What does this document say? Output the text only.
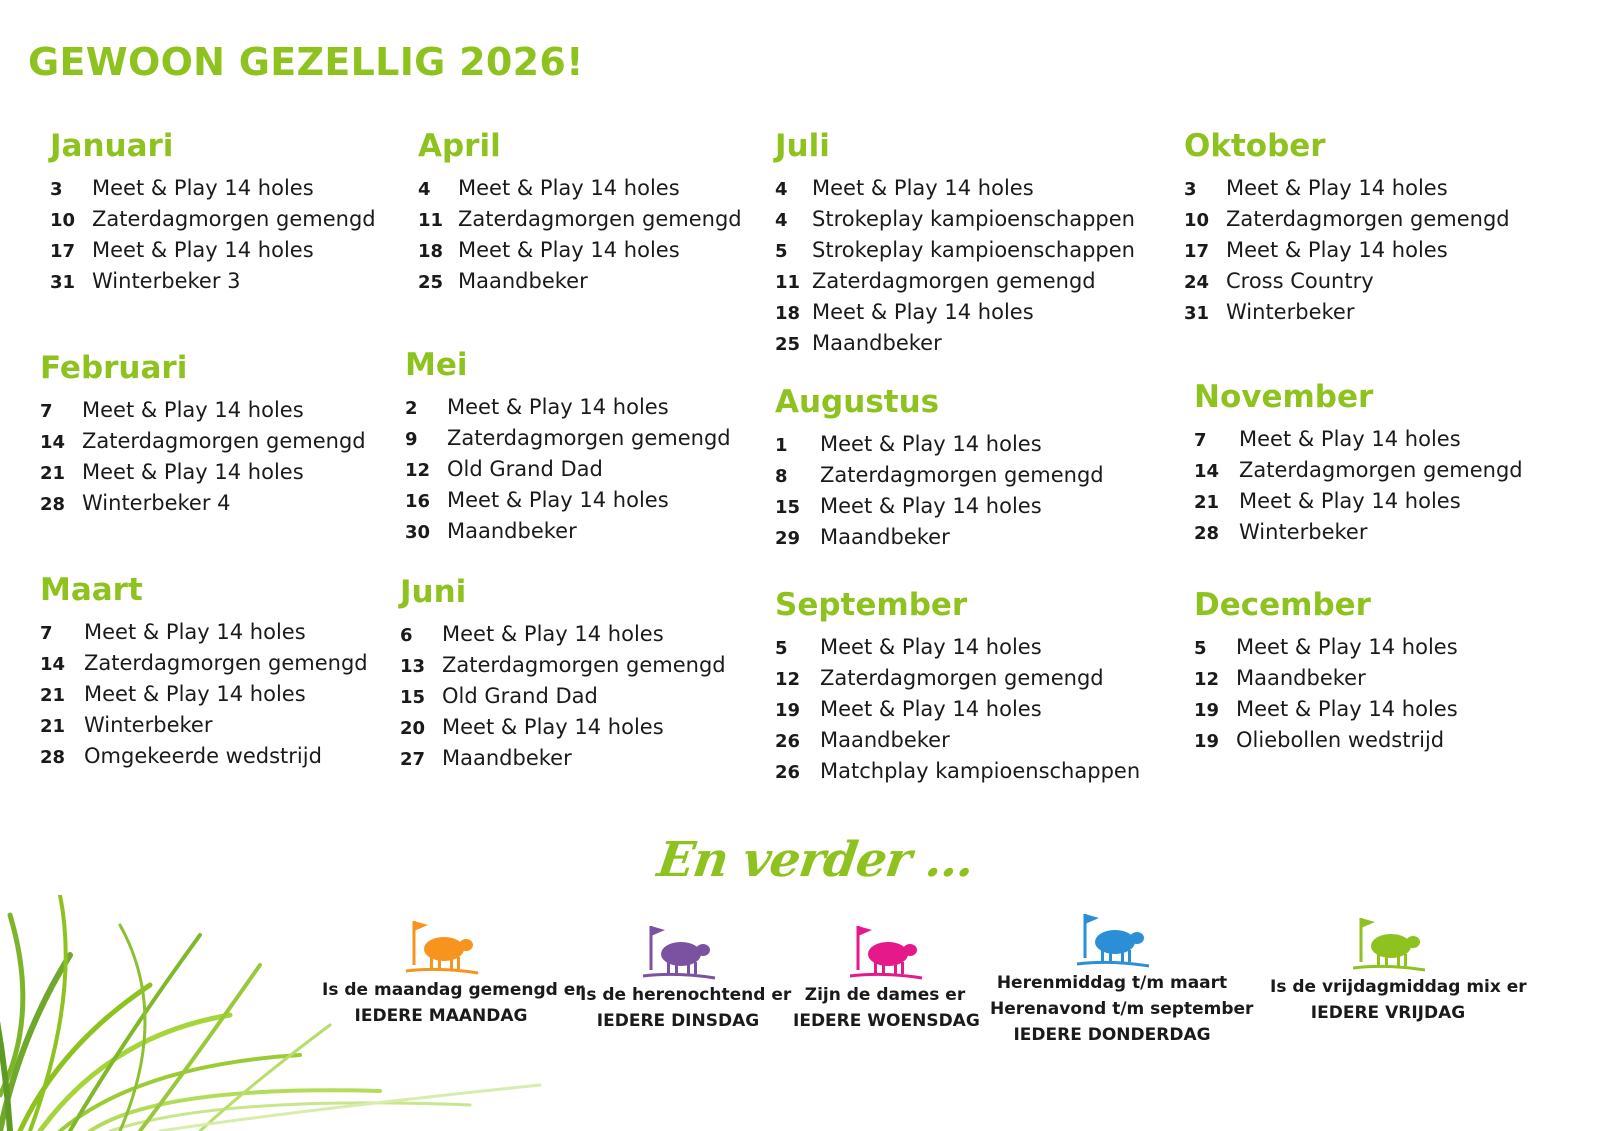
GEWOON GEZELLIG 2026!
Januari
3	Meet & Play 14 holes
10 Zaterdagmorgen gemengd
17 Meet & Play 14 holes
31 Winterbeker 3
Februari
7	Meet & Play 14 holes
14 Zaterdagmorgen gemengd
21 Meet & Play 14 holes
28 Winterbeker 4
Maart
7	Meet & Play 14 holes
14 Zaterdagmorgen gemengd
21 Meet & Play 14 holes
21 Winterbeker
28 Omgekeerde wedstrijd
April
4	Meet & Play 14 holes
11 Zaterdagmorgen gemengd
18 Meet & Play 14 holes
25 Maandbeker
Mei
2	Meet & Play 14 holes
9	Zaterdagmorgen gemengd
12 Old Grand Dad
16 Meet & Play 14 holes
30 Maandbeker
Juni
6	Meet & Play 14 holes
13 Zaterdagmorgen gemengd
15 Old Grand Dad
20 Meet & Play 14 holes
27 Maandbeker
Juli
4	Meet & Play 14 holes
4	Strokeplay kampioenschappen
5	Strokeplay kampioenschappen
11 Zaterdagmorgen gemengd
18 Meet & Play 14 holes
25 Maandbeker
Augustus
1	Meet & Play 14 holes
8	Zaterdagmorgen gemengd
15 Meet & Play 14 holes
29 Maandbeker
September
5	Meet & Play 14 holes
12 Zaterdagmorgen gemengd
19 Meet & Play 14 holes
26 Maandbeker
26 Matchplay kampioenschappen
Oktober
3	Meet & Play 14 holes
10 Zaterdagmorgen gemengd
17 Meet & Play 14 holes
24 Cross Country
31 Winterbeker
November
7	Meet & Play 14 holes
14 Zaterdagmorgen gemengd
21 Meet & Play 14 holes
28 Winterbeker
December
5	Meet & Play 14 holes
12 Maandbeker
19 Meet & Play 14 holes
19 Oliebollen wedstrijd
En verder ...
Is de maandag gemengd er
IEDERE MAANDAG
Is de herenochtend er
IEDERE DINSDAG
Zijn de dames er
IEDERE WOENSDAG
Herenmiddag t/m maart
Herenavond t/m september
IEDERE DONDERDAG
Is de vrijdagmiddag mix er
IEDERE VRIJDAG
